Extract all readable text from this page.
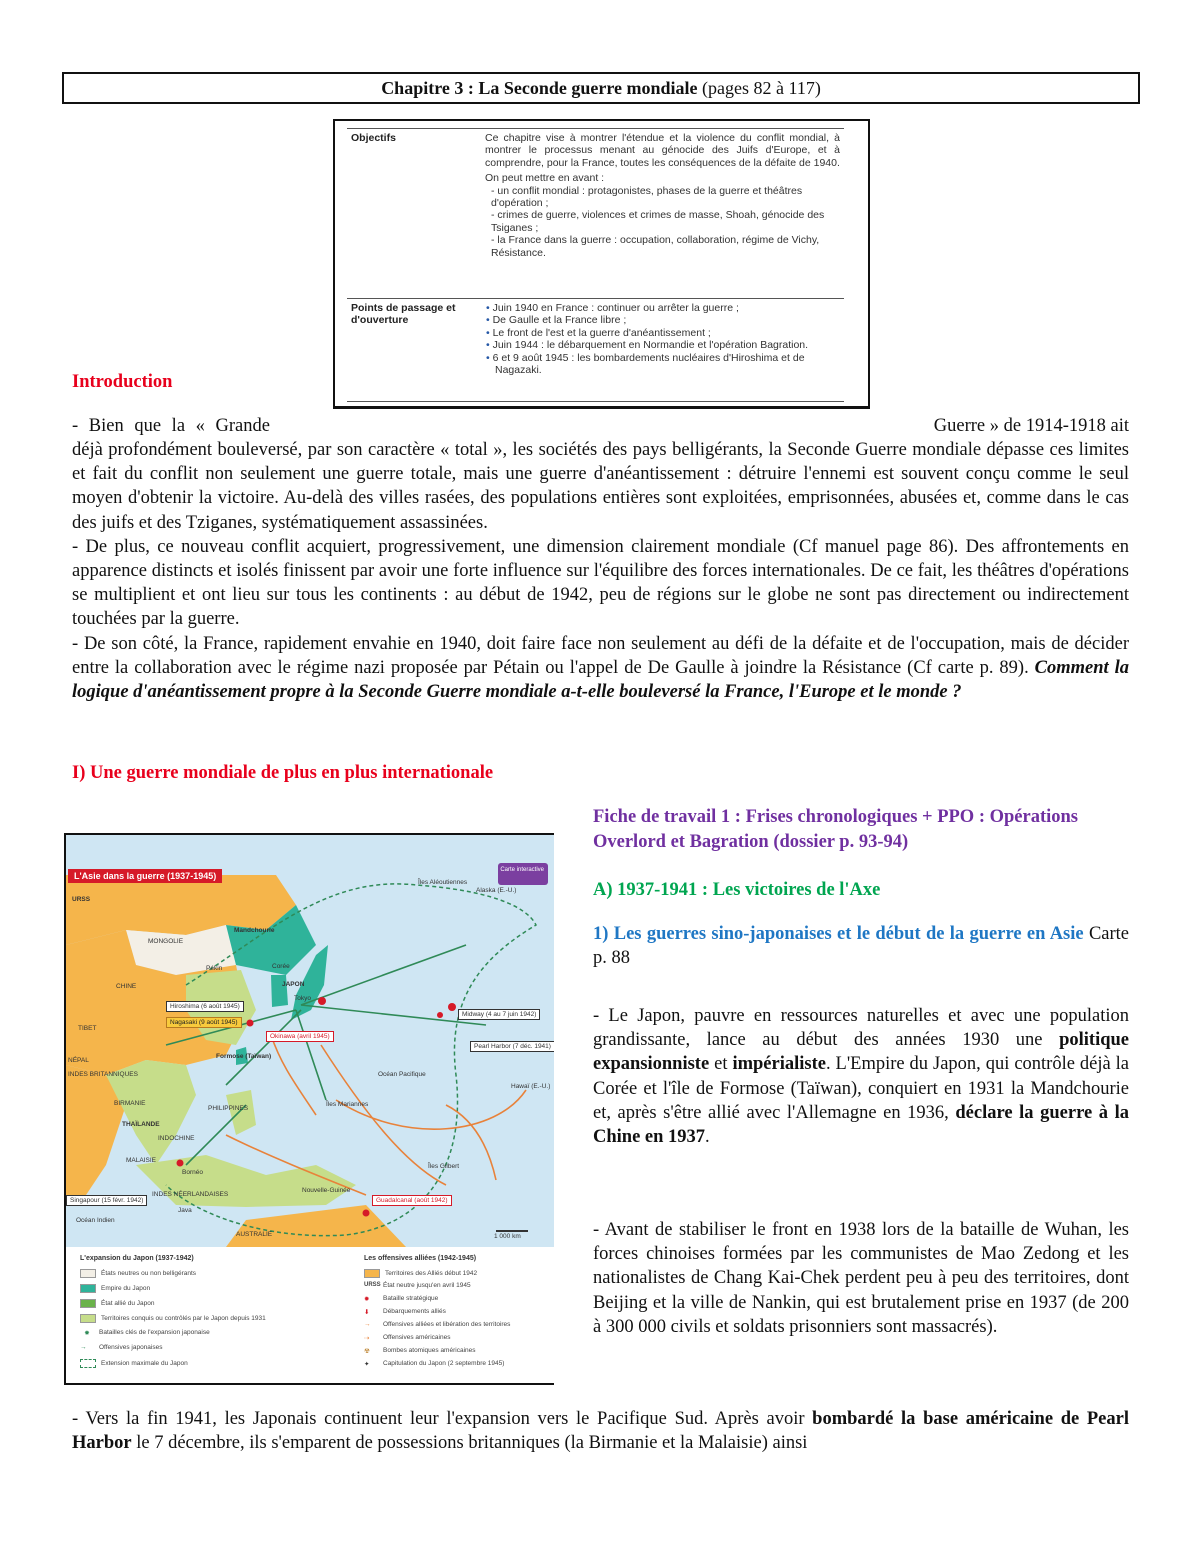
Chapitre 3 : La Seconde guerre mondiale (pages 82 à 117)
Objectifs	Ce chapitre vise à montrer l'étendue et la violence du conflit mondial, à montrer le processus menant au génocide des Juifs d'Europe, et à comprendre, pour la France, toutes les conséquences de la défaite de 1940.
On peut mettre en avant :
- un conflit mondial : protagonistes, phases de la guerre et théâtres d'opération ;
- crimes de guerre, violences et crimes de masse, Shoah, génocide des Tsiganes ;
- la France dans la guerre : occupation, collaboration, régime de Vichy, Résistance.
Points de passage et d'ouverture
• Juin 1940 en France : continuer ou arrêter la guerre ;
• De Gaulle et la France libre ;
• Le front de l'est et la guerre d'anéantissement ;
• Juin 1944 : le débarquement en Normandie et l'opération Bagration.
• 6 et 9 août 1945 : les bombardements nucléaires d'Hiroshima et de Nagazaki.
Introduction
- Bien que la « Grande	Guerre » de 1914-1918 ait
déjà profondément bouleversé, par son caractère « total », les sociétés des pays belligérants, la Seconde Guerre mondiale dépasse ces limites et fait du conflit non seulement une guerre totale, mais une guerre d'anéantissement : détruire l'ennemi est souvent conçu comme le seul moyen d'obtenir la victoire. Au-delà des villes rasées, des populations entières sont exploitées, emprisonnées, abusées et, comme dans le cas des juifs et des Tziganes, systématiquement assassinées.
- De plus, ce nouveau conflit acquiert, progressivement, une dimension clairement mondiale (Cf manuel page 86). Des affrontements en apparence distincts et isolés finissent par avoir une forte influence sur l'équilibre des forces internationales. De ce fait, les théâtres d'opérations se multiplient et ont lieu sur tous les continents : au début de 1942, peu de régions sur le globe ne sont pas directement ou indirectement touchées par la guerre.
- De son côté, la France, rapidement envahie en 1940, doit faire face non seulement au défi de la défaite et de l'occupation, mais de décider entre la collaboration avec le régime nazi proposée par Pétain ou l'appel de De Gaulle à joindre la Résistance (Cf carte p. 89). Comment la logique d'anéantissement propre à la Seconde Guerre mondiale a-t-elle bouleversé la France, l'Europe et le monde ?
I) Une guerre mondiale de plus en plus internationale
L'Asie dans la guerre (1937-1945)
Carte interactive
URSS
MONGOLIE
Mandchourie
CHINE
Pékin	Corée
JAPON
Tokyo
TIBET
NÉPAL
INDES BRITANNIQUES
BIRMANIE
THAÏLANDE
INDOCHINE
Formose (Taïwan)
PHILIPPINES
MALAISIE
Bornéo
INDES NÉERLANDAISES
Java
Nouvelle-Guinée
AUSTRALIE
Îles Mariannes
Îles Gilbert
Hawaï (E.-U.)
Océan Pacifique
Océan Indien
Îles Aléoutiennes
Alaska (E.-U.)
1 000 km
Hiroshima (6 août 1945)
Nagasaki (9 août 1945)
Midway (4 au 7 juin 1942)
Okinawa (avril 1945)
Pearl Harbor (7 déc. 1941)
Singapour (15 févr. 1942)	Guadalcanal (août 1942)
L'expansion du Japon (1937-1942)
États neutres ou non belligérants
Empire du Japon
État allié du Japon
Territoires conquis ou contrôlés par le Japon depuis 1931
✸ Batailles clés de l'expansion japonaise
→ Offensives japonaises
Extension maximale du Japon
Les offensives alliées (1942-1945)
Territoires des Alliés début 1942
URSS État neutre jusqu'en avril 1945
✹ Bataille stratégique
⬇ Débarquements alliés
→ Offensives alliées et libération des territoires
⇢ Offensives américaines
☢ Bombes atomiques américaines
✦ Capitulation du Japon (2 septembre 1945)
Fiche de travail 1 : Frises chronologiques + PPO : Opérations Overlord et Bagration (dossier p. 93-94)
A) 1937-1941 : Les victoires de l'Axe
1) Les guerres sino-japonaises et le début de la guerre en Asie Carte p. 88
- Le Japon, pauvre en ressources naturelles et avec une population grandissante, lance au début des années 1930 une politique expansionniste et impérialiste. L'Empire du Japon, qui contrôle déjà la Corée et l'île de Formose (Taïwan), conquiert en 1931 la Mandchourie et, après s'être allié avec l'Allemagne en 1936, déclare la guerre à la Chine en 1937.
- Avant de stabiliser le front en 1938 lors de la bataille de Wuhan, les forces chinoises formées par les communistes de Mao Zedong et les nationalistes de Chang Kai-Chek perdent peu à peu des territoires, dont Beijing et la ville de Nankin, qui est brutalement prise en 1937 (de 200 à 300 000 civils et soldats prisonniers sont massacrés).
- Vers la fin 1941, les Japonais continuent leur l'expansion vers le Pacifique Sud. Après avoir bombardé la base américaine de Pearl Harbor le 7 décembre, ils s'emparent de possessions britanniques (la Birmanie et la Malaisie) ainsi
